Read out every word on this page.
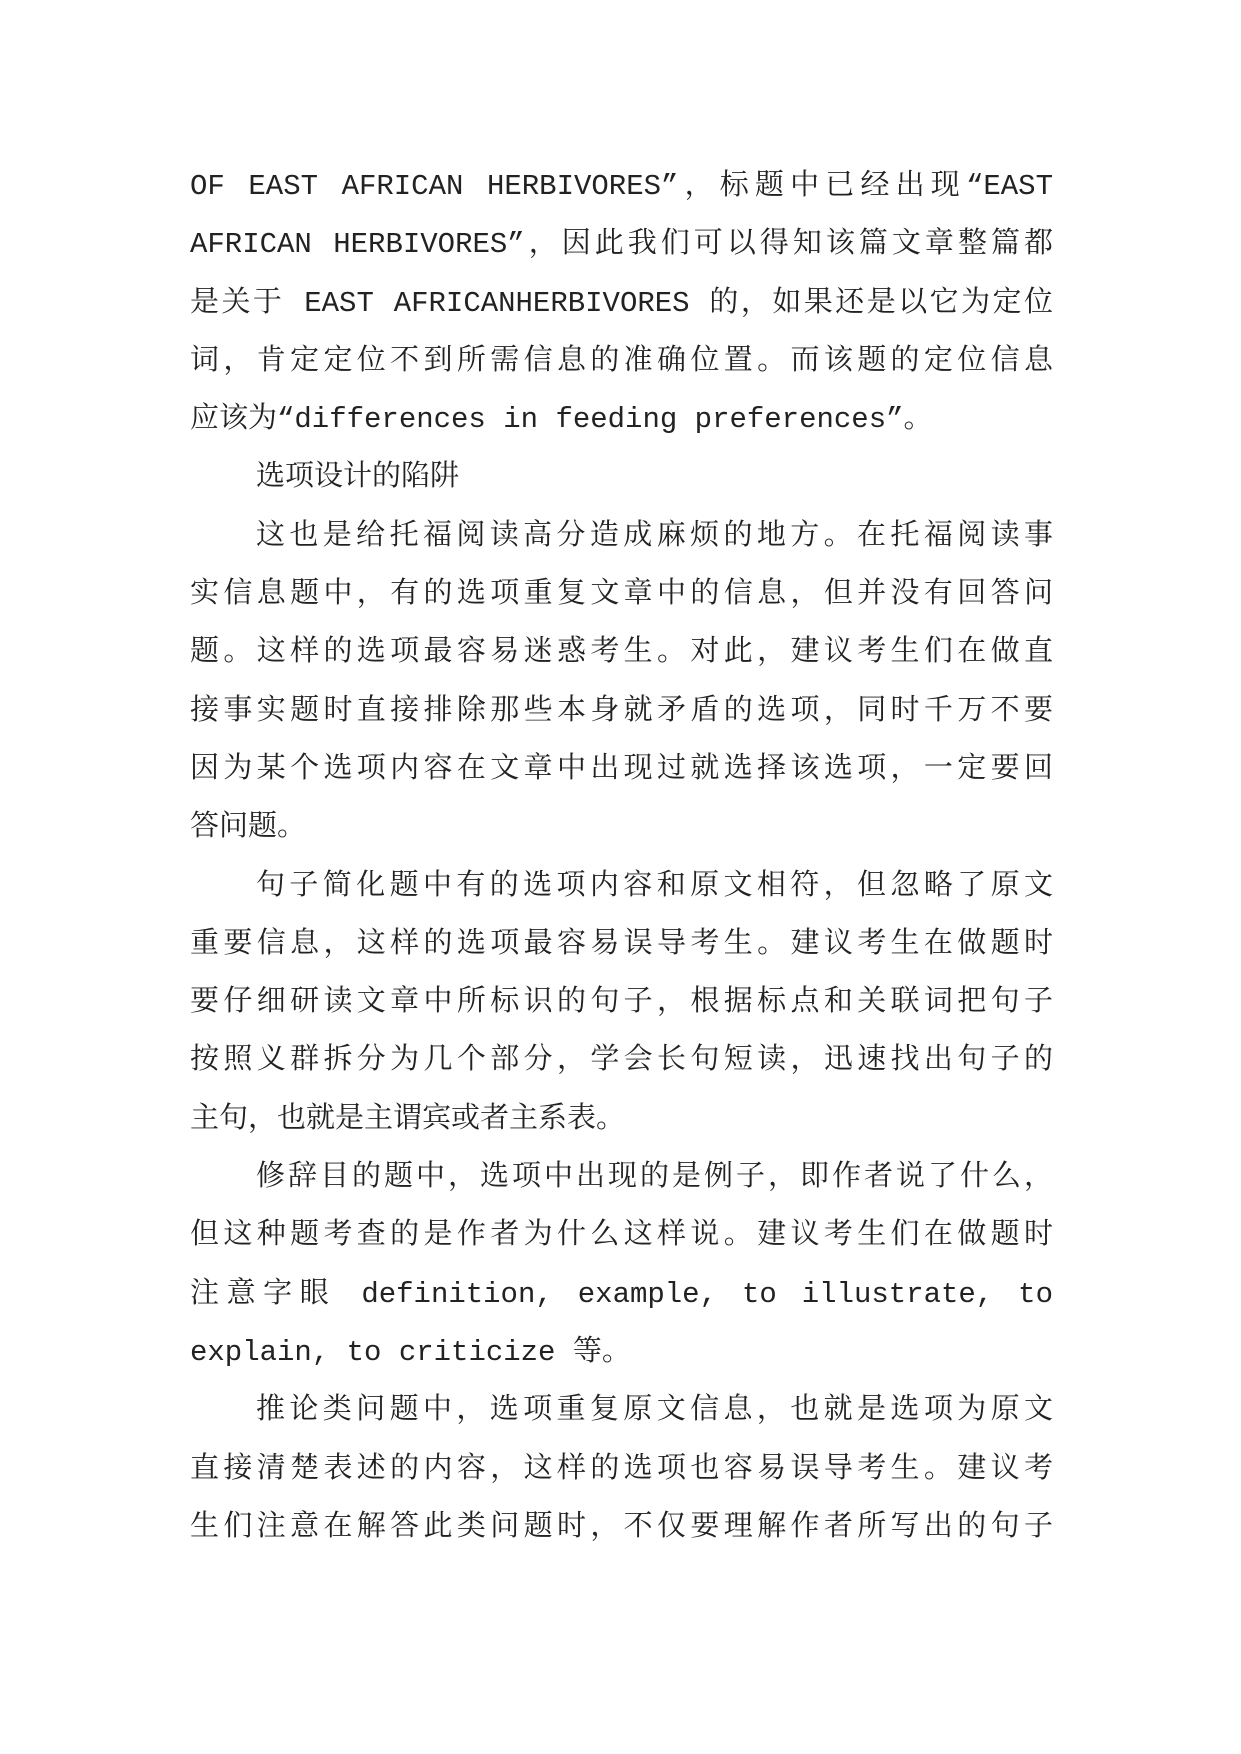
OF EAST AFRICAN HERBIVORES”，标题中已经出现“EAST
AFRICAN HERBIVORES”，因此我们可以得知该篇文章整篇都
是关于 EAST AFRICANHERBIVORES 的，如果还是以它为定位
词，肯定定位不到所需信息的准确位置。而该题的定位信息
应该为“differences in feeding preferences”。

选项设计的陷阱

这也是给托福阅读高分造成麻烦的地方。在托福阅读事
实信息题中，有的选项重复文章中的信息，但并没有回答问
题。这样的选项最容易迷惑考生。对此，建议考生们在做直
接事实题时直接排除那些本身就矛盾的选项，同时千万不要
因为某个选项内容在文章中出现过就选择该选项，一定要回
答问题。

句子简化题中有的选项内容和原文相符，但忽略了原文
重要信息，这样的选项最容易误导考生。建议考生在做题时
要仔细研读文章中所标识的句子，根据标点和关联词把句子
按照义群拆分为几个部分，学会长句短读，迅速找出句子的
主句，也就是主谓宾或者主系表。

修辞目的题中，选项中出现的是例子，即作者说了什么，
但这种题考查的是作者为什么这样说。建议考生们在做题时
注意字眼 definition, example, to illustrate, to
explain, to criticize 等。

推论类问题中，选项重复原文信息，也就是选项为原文
直接清楚表述的内容，这样的选项也容易误导考生。建议考
生们注意在解答此类问题时，不仅要理解作者所写出的句子
